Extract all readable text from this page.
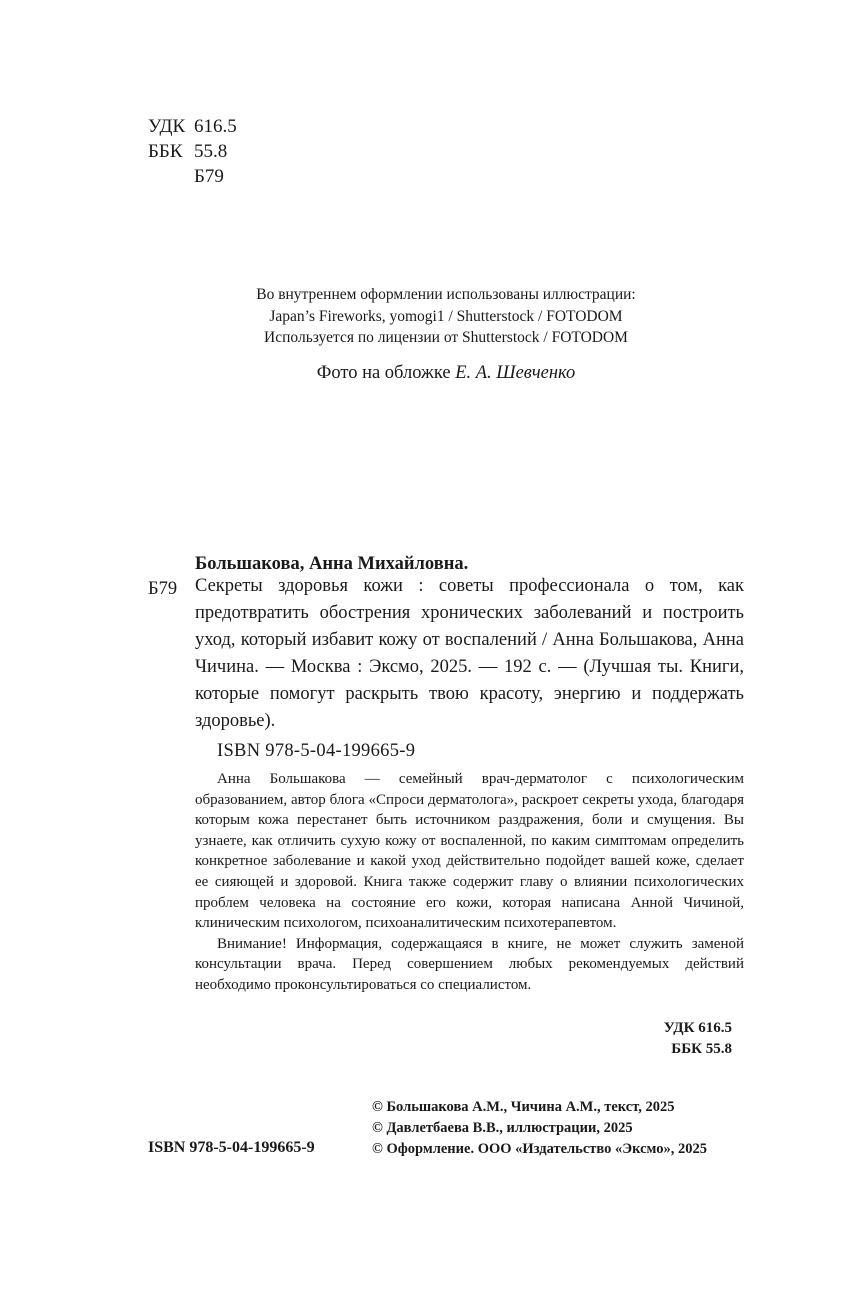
УДК 616.5
ББК 55.8
Б79
Во внутреннем оформлении использованы иллюстрации:
Japan’s Fireworks, yomogi1 / Shutterstock / FOTODOM
Используется по лицензии от Shutterstock / FOTODOM
Фото на обложке Е. А. Шевченко
Большакова, Анна Михайловна.
Б79 Секреты здоровья кожи : советы профессионала о том, как предотвратить обострения хронических заболеваний и построить уход, который избавит кожу от воспалений / Анна Большакова, Анна Чичина. — Москва : Эксмо, 2025. — 192 с. — (Лучшая ты. Книги, которые помогут раскрыть твою красоту, энергию и поддержать здоровье).
ISBN 978-5-04-199665-9

Анна Большакова — семейный врач-дерматолог с психологическим образованием, автор блога «Спроси дерматолога», раскроет секреты ухода, благодаря которым кожа перестанет быть источником раздражения, боли и смущения. Вы узнаете, как отличить сухую кожу от воспаленной, по каким симптомам определить конкретное заболевание и какой уход действительно подойдет вашей коже, сделает ее сияющей и здоровой. Книга также содержит главу о влиянии психологических проблем человека на состояние его кожи, которая написана Анной Чичиной, клиническим психологом, психоаналитическим психотерапевтом.

Внимание! Информация, содержащаяся в книге, не может служить заменой консультации врача. Перед совершением любых рекомендуемых действий необходимо проконсультироваться со специалистом.

УДК 616.5
ББК 55.8
© Большакова А.М., Чичина А.М., текст, 2025
© Давлетбаева В.В., иллюстрации, 2025
© Оформление. ООО «Издательство «Эксмо», 2025
ISBN 978-5-04-199665-9
